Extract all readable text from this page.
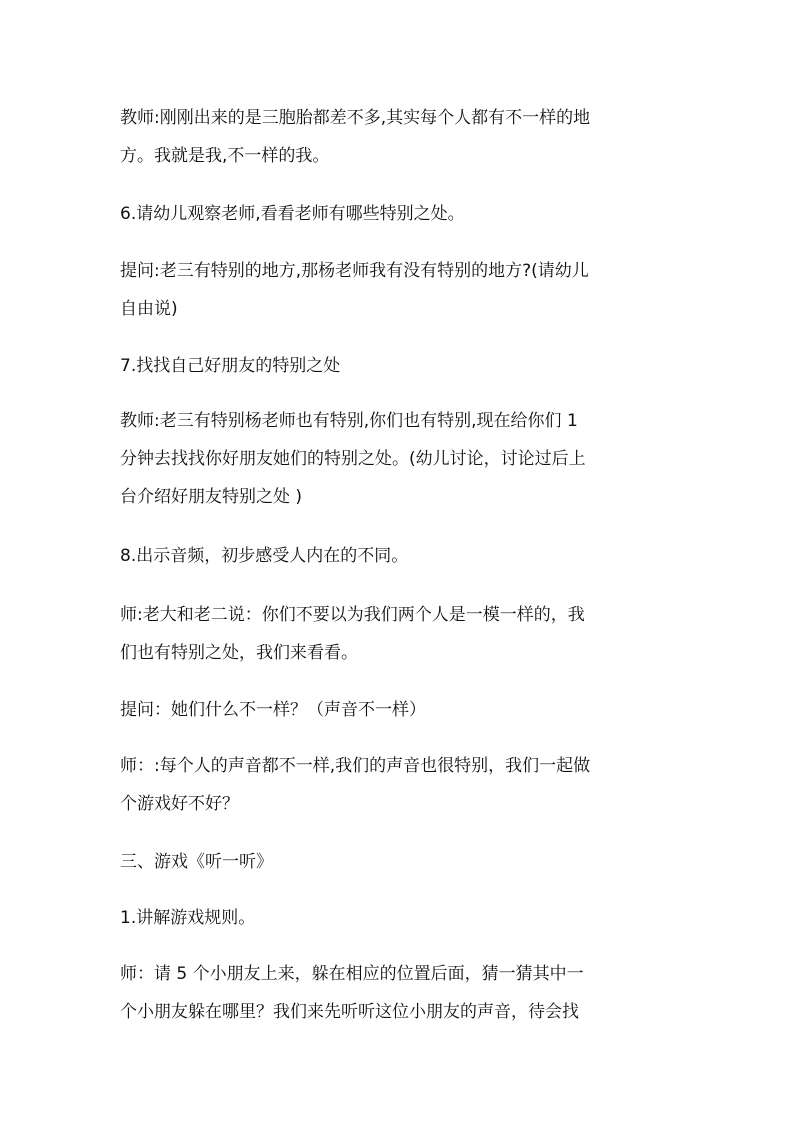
教师:刚刚出来的是三胞胎都差不多,其实每个人都有不一样的地
方。我就是我,不一样的我。

6.请幼儿观察老师,看看老师有哪些特别之处。

提问:老三有特别的地方,那杨老师我有没有特别的地方?(请幼儿
自由说)

7.找找自己好朋友的特别之处

教师:老三有特别杨老师也有特别,你们也有特别,现在给你们 1
分钟去找找你好朋友她们的特别之处。(幼儿讨论，讨论过后上
台介绍好朋友特别之处 )

8.出示音频，初步感受人内在的不同。

师:老大和老二说：你们不要以为我们两个人是一模一样的，我
们也有特别之处，我们来看看。

提问：她们什么不一样？（声音不一样）

师：:每个人的声音都不一样,我们的声音也很特别，我们一起做
个游戏好不好？

三、游戏《听一听》

1.讲解游戏规则。

师：请 5 个小朋友上来，躲在相应的位置后面，猜一猜其中一
个小朋友躲在哪里？我们来先听听这位小朋友的声音，待会找
